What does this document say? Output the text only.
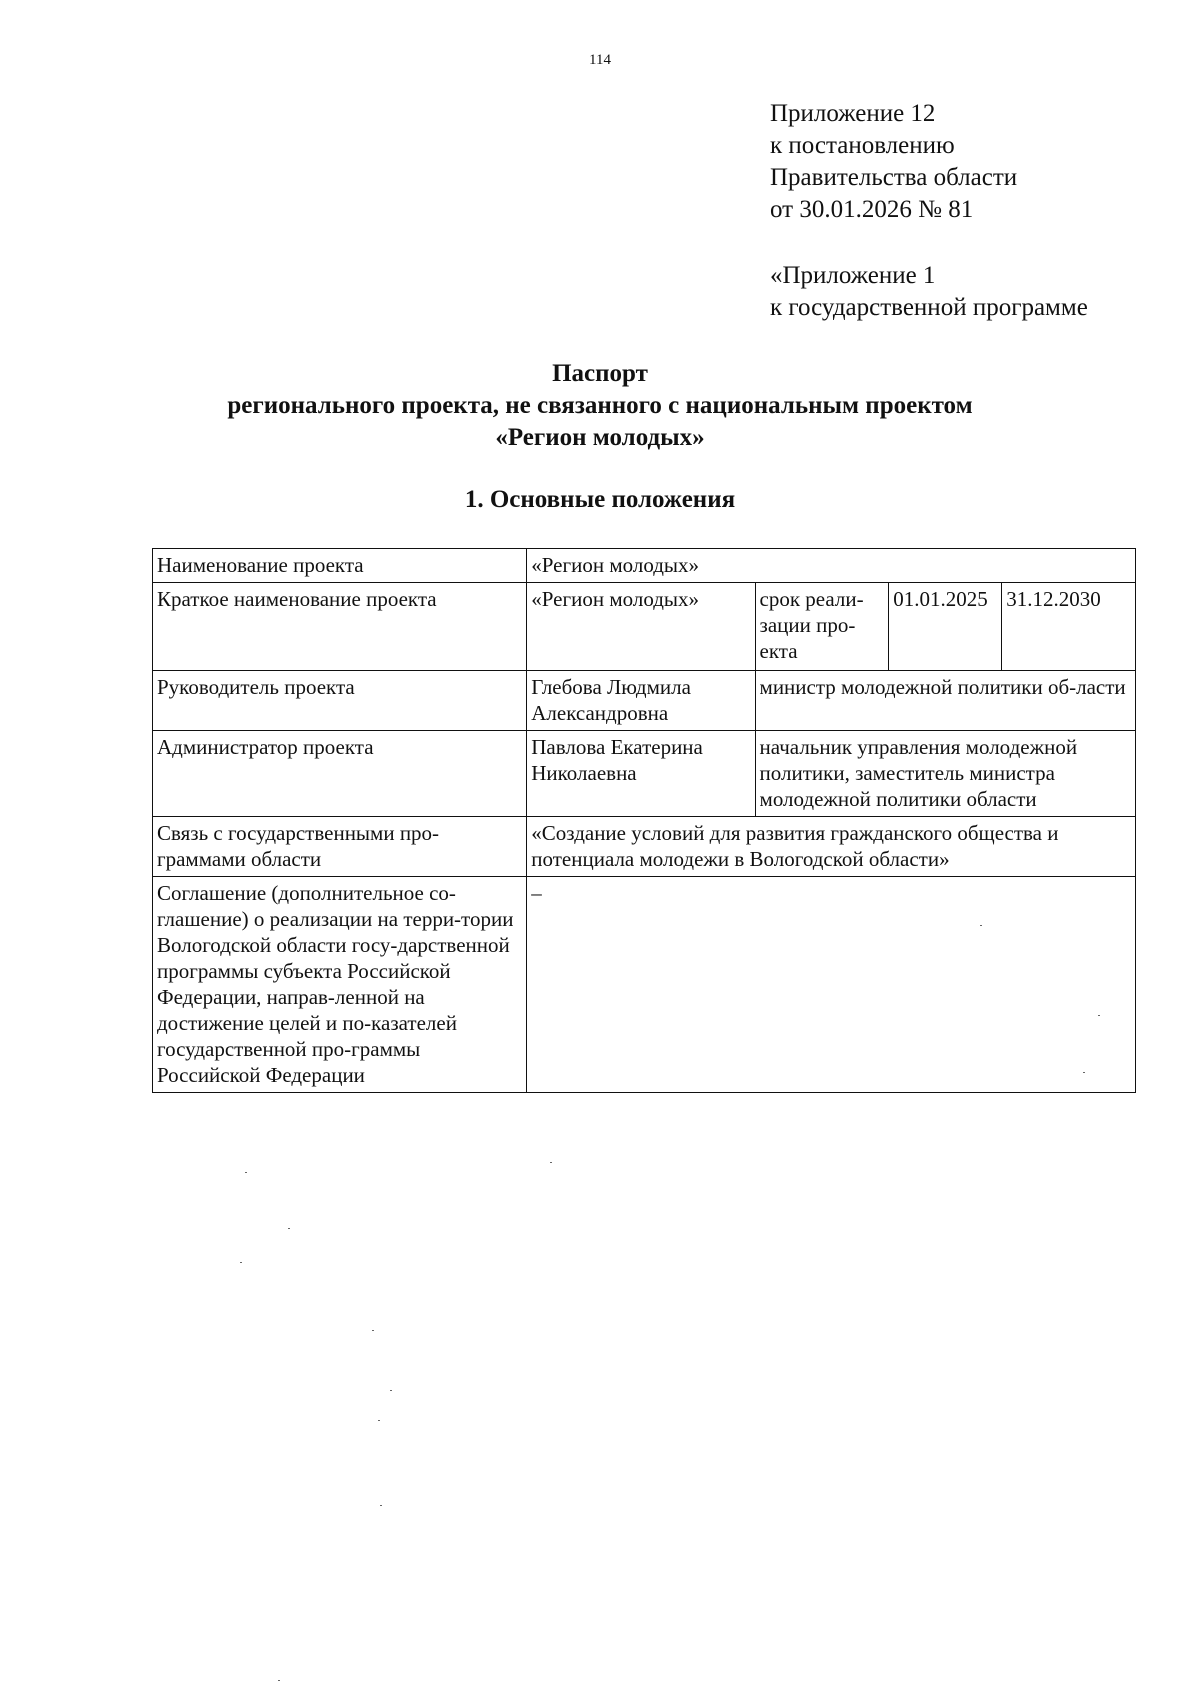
114
Приложение 12
к постановлению
Правительства области
от 30.01.2026 № 81
«Приложение 1
к государственной программе
Паспорт
регионального проекта, не связанного с национальным проектом
«Регион молодых»
1. Основные положения
Наименование проекта	«Регион молодых»			
Краткое наименование проекта	«Регион молодых»	срок реали-зации про-екта	01.01.2025	31.12.2030
Руководитель проекта	Глебова Людмила Александровна	министр молодежной политики об-ласти		
Администратор проекта	Павлова Екатерина Николаевна	начальник управления молодежной политики, заместитель министра молодежной политики области		
Связь с государственными про-граммами области	«Создание условий для развития гражданского общества и потенциала молодежи в Вологодской области»			
Соглашение (дополнительное со-глашение) о реализации на терри-тории Вологодской области госу-дарственной программы субъекта Российской Федерации, направ-ленной на достижение целей и по-казателей государственной про-граммы Российской Федерации	–			
